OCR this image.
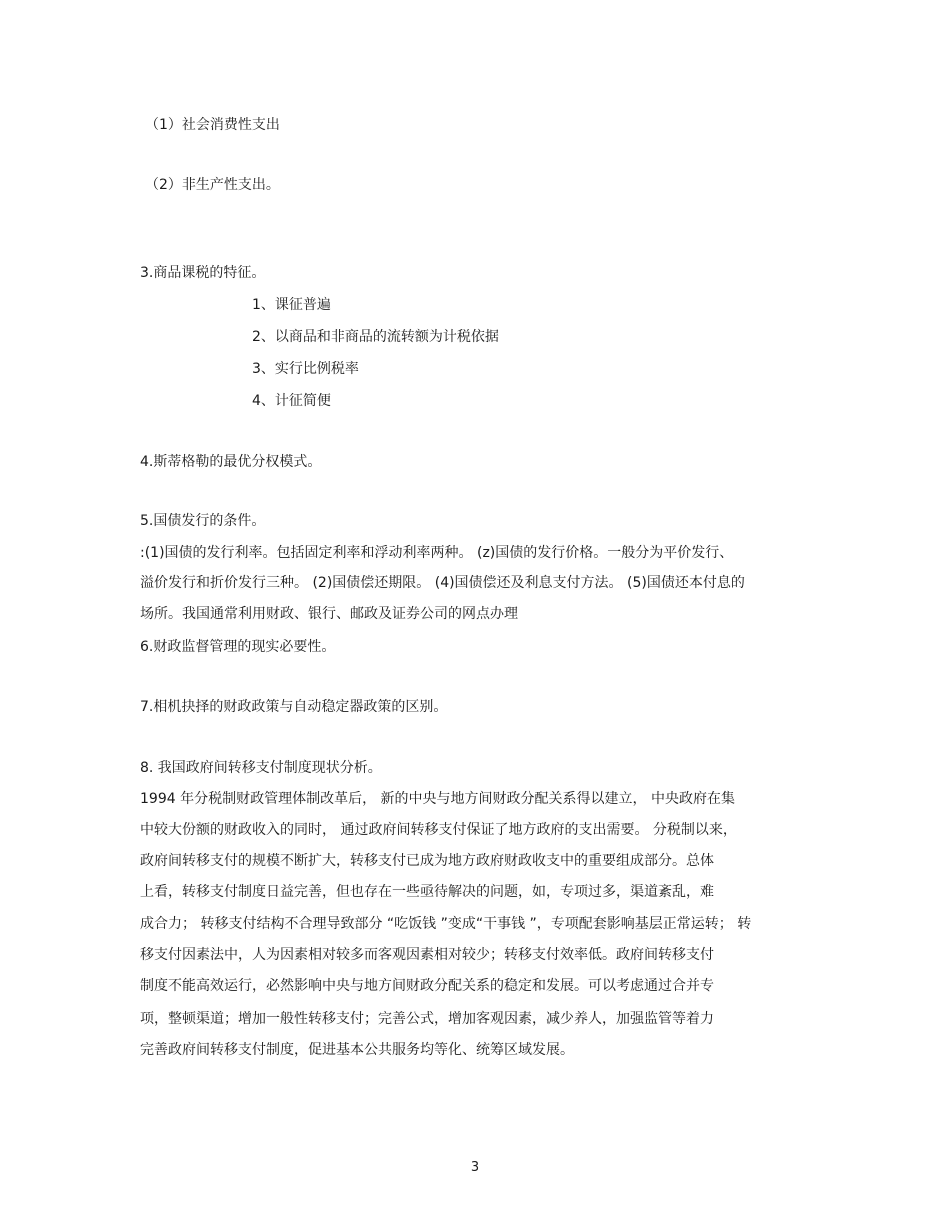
（1）社会消费性支出
（2）非生产性支出。
3.商品课税的特征。
1、课征普遍
2、以商品和非商品的流转额为计税依据
3、实行比例税率
4、计征简便
4.斯蒂格勒的最优分权模式。
5.国债发行的条件。
:(1)国债的发行利率。包括固定利率和浮动利率两种。 (z)国债的发行价格。一般分为平价发行、
溢价发行和折价发行三种。 (2)国债偿还期限。 (4)国债偿还及利息支付方法。 (5)国债还本付息的
场所。我国通常利用财政、银行、邮政及证券公司的网点办理
6.财政监督管理的现实必要性。
7.相机抉择的财政政策与自动稳定器政策的区别。
8. 我国政府间转移支付制度现状分析。
1994 年分税制财政管理体制改革后， 新的中央与地方间财政分配关系得以建立， 中央政府在集
中较大份额的财政收入的同时， 通过政府间转移支付保证了地方政府的支出需要。 分税制以来，
政府间转移支付的规模不断扩大，转移支付已成为地方政府财政收支中的重要组成部分。总体
上看，转移支付制度日益完善，但也存在一些亟待解决的问题，如，专项过多，渠道紊乱，难
成合力； 转移支付结构不合理导致部分 “吃饭钱 ”变成“干事钱 ”，专项配套影响基层正常运转； 转
移支付因素法中，人为因素相对较多而客观因素相对较少；转移支付效率低。政府间转移支付
制度不能高效运行，必然影响中央与地方间财政分配关系的稳定和发展。可以考虑通过合并专
项，整顿渠道；增加一般性转移支付；完善公式，增加客观因素，减少养人，加强监管等着力
完善政府间转移支付制度，促进基本公共服务均等化、统筹区域发展。
3
